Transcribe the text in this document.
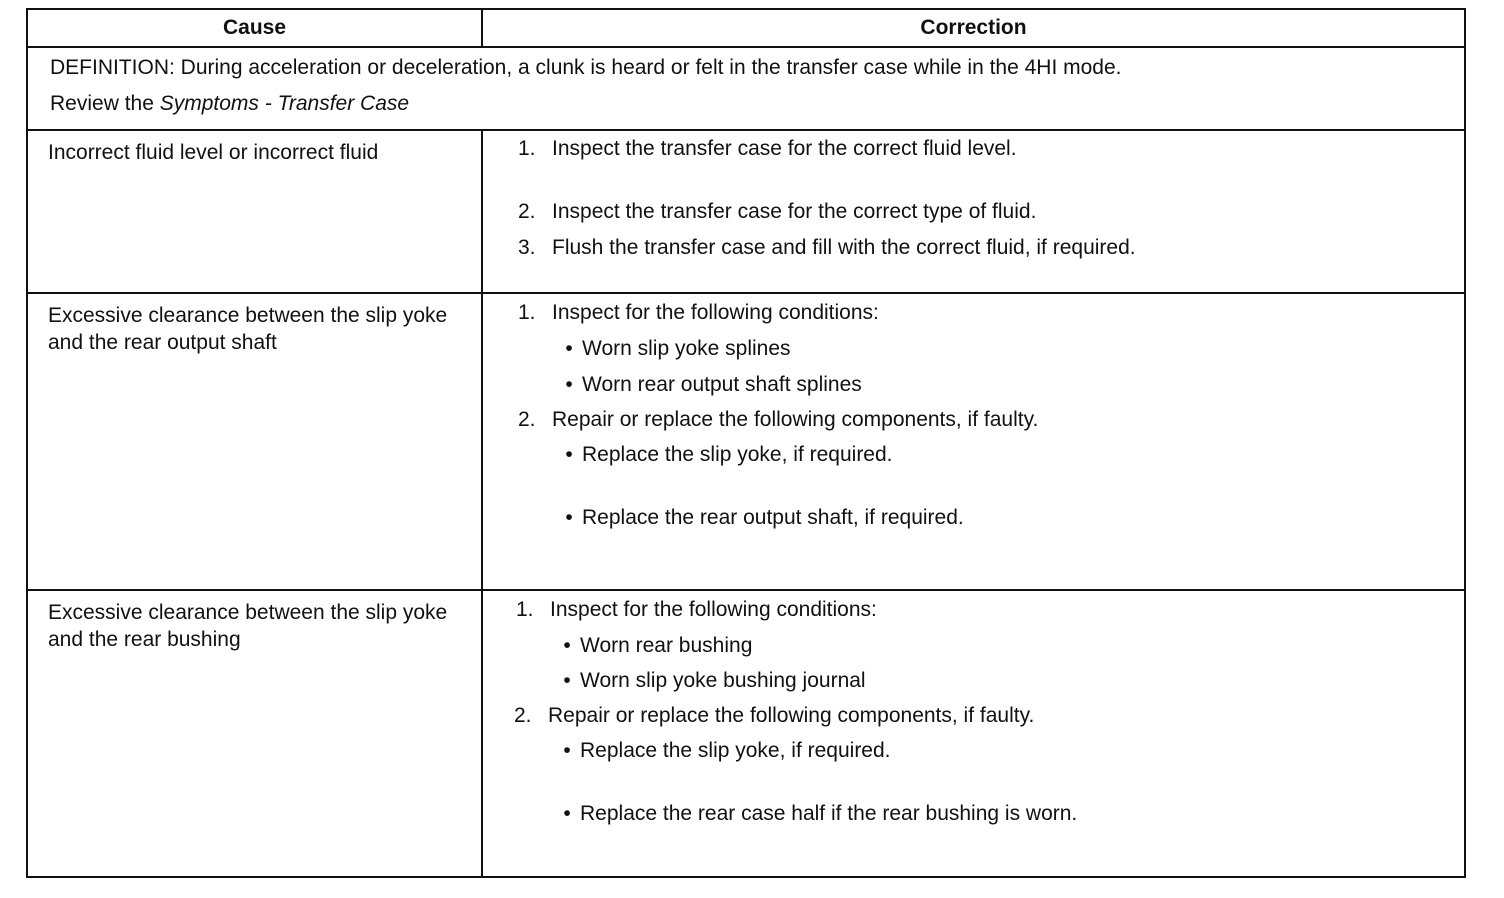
Cause	Correction
DEFINITION: During acceleration or deceleration, a clunk is heard or felt in the transfer case while in the 4HI mode.
Review the Symptoms - Transfer Case
Incorrect fluid level or incorrect fluid	1. Inspect the transfer case for the correct fluid level.
2. Inspect the transfer case for the correct type of fluid.
3. Flush the transfer case and fill with the correct fluid, if required.
Excessive clearance between the slip yoke and the rear output shaft
1. Inspect for the following conditions:
• Worn slip yoke splines
• Worn rear output shaft splines
2. Repair or replace the following components, if faulty.
• Replace the slip yoke, if required.
• Replace the rear output shaft, if required.
Excessive clearance between the slip yoke and the rear bushing
1. Inspect for the following conditions:
• Worn rear bushing
• Worn slip yoke bushing journal
2. Repair or replace the following components, if faulty.
• Replace the slip yoke, if required.
• Replace the rear case half if the rear bushing is worn.
